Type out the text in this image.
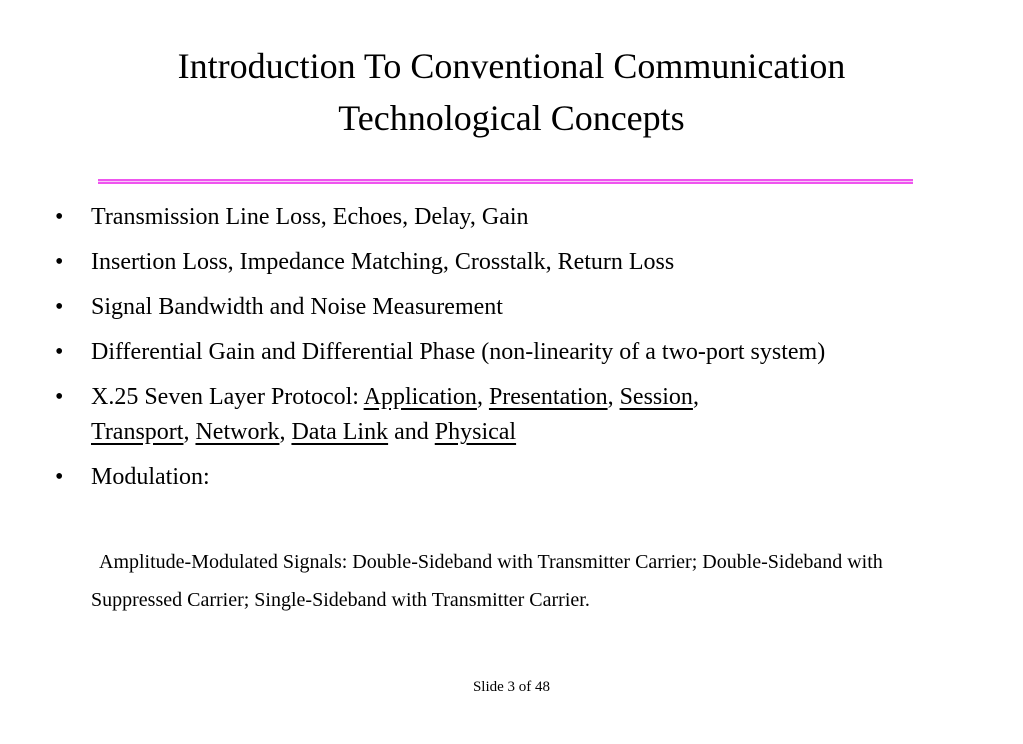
Introduction To Conventional Communication
Technological Concepts
•	Transmission Line Loss, Echoes, Delay, Gain
•	Insertion Loss, Impedance Matching, Crosstalk, Return Loss
•	Signal Bandwidth and Noise Measurement
•	Differential Gain and Differential Phase (non-linearity of a two-port system)
•	X.25 Seven Layer Protocol: Application, Presentation, Session,
Transport, Network, Data Link and Physical
•	Modulation:
Amplitude-Modulated Signals: Double-Sideband with Transmitter Carrier; Double-Sideband with Suppressed Carrier; Single-Sideband with Transmitter Carrier.
Slide 3 of 48
